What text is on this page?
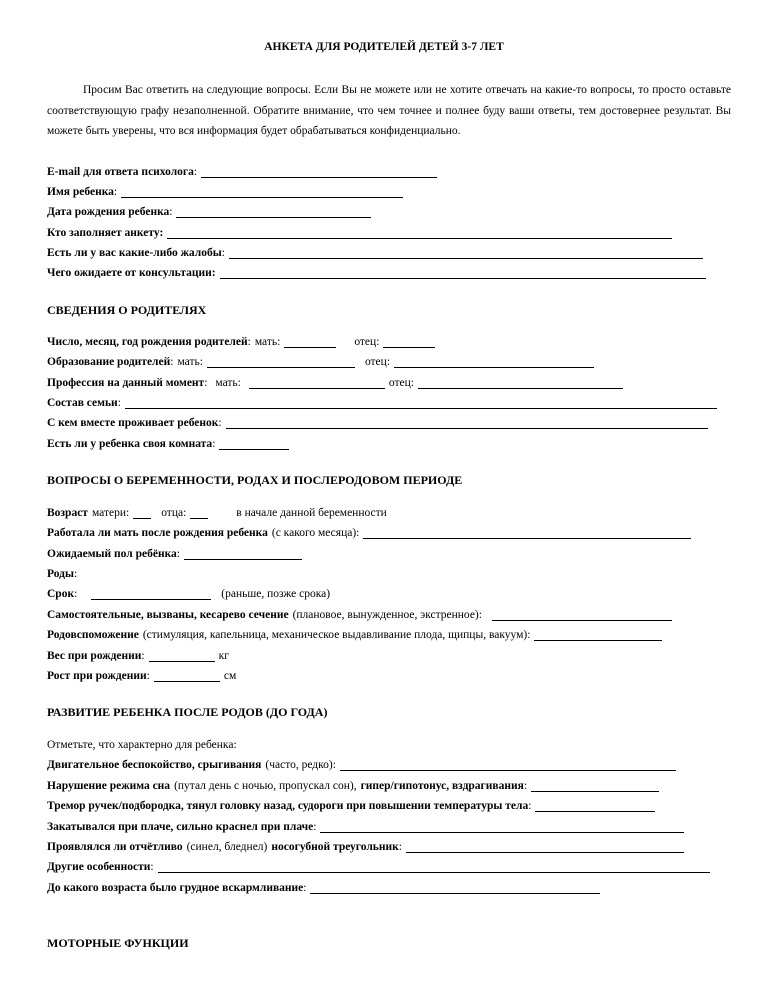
АНКЕТА ДЛЯ РОДИТЕЛЕЙ ДЕТЕЙ 3-7 ЛЕТ

Просим Вас ответить на следующие вопросы. Если Вы не можете или не хотите отвечать на какие-то вопросы, то просто оставьте соответствующую графу незаполненной. Обратите внимание, что чем точнее и полнее буду ваши ответы, тем достовернее результат. Вы можете быть уверены, что вся информация будет обрабатываться конфиденциально.

E-mail для ответа психолога :
Имя ребенка :
Дата рождения ребенка :
Кто заполняет анкету:
Есть ли у вас какие-либо жалобы :
Чего ожидаете от консультации:
СВЕДЕНИЯ О РОДИТЕЛЯХ
Число, месяц, год рождения родителей : мать:	отец:
Образование родителей : мать:	отец:
Профессия на данный момент : мать:	отец:
Состав семьи :
С кем вместе проживает ребенок :
Есть ли у ребенка своя комната :
ВОПРОСЫ О БЕРЕМЕННОСТИ, РОДАХ И ПОСЛЕРОДОВОМ ПЕРИОДЕ
Возраст матери:	отца:	в начале данной беременности
Работала ли мать после рождения ребенка (с какого месяца):
Ожидаемый пол ребёнка :
Роды :
Срок :	(раньше, позже срока)
Самостоятельные, вызваны, кесарево сечение (плановое, вынужденное, экстренное):
Родовспоможение (стимуляция, капельница, механическое выдавливание плода, щипцы, вакуум):
Вес при рождении :	кг
Рост при рождении :	см
РАЗВИТИЕ РЕБЕНКА ПОСЛЕ РОДОВ (ДО ГОДА)
Отметьте, что характерно для ребенка:
Двигательное беспокойство, срыгивания (часто, редко):
Нарушение режима сна (путал день с ночью, пропускал сон), гипер/гипотонус, вздрагивания :
Тремор ручек/подбородка, тянул головку назад, судороги при повышении температуры тела :
Закатывался при плаче, сильно краснел при плаче :
Проявлялся ли отчётливо (синел, бледнел) носогубной треугольник :
Другие особенности :
До какого возраста было грудное вскармливание :
МОТОРНЫЕ ФУНКЦИИ
